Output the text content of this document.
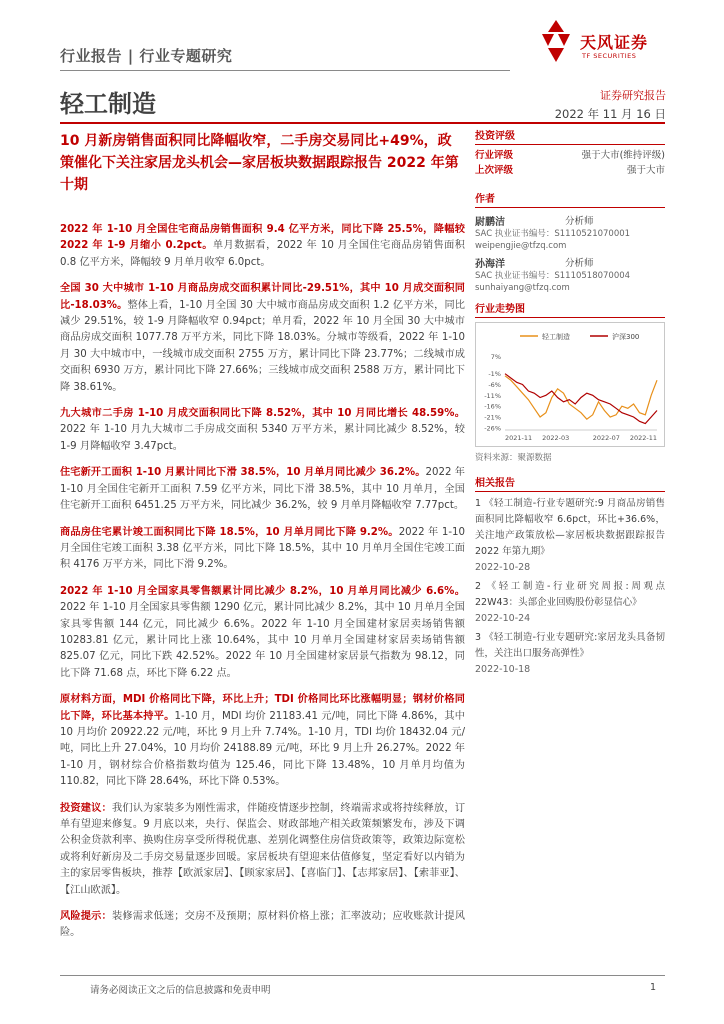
行业报告 | 行业专题研究
天风证券
TF SECURITIES
轻工制造	证券研究报告
2022 年 11 月 16 日
10 月新房销售面积同比降幅收窄，二手房交易同比+49%，政策催化下关注家居龙头机会—家居板块数据跟踪报告 2022 年第十期

2022 年 1-10 月全国住宅商品房销售面积 9.4 亿平方米，同比下降 25.5%，降幅较 2022 年 1-9 月缩小 0.2pct。单月数据看，2022 年 10 月全国住宅商品房销售面积 0.8 亿平方米，降幅较 9 月单月收窄 6.0pct。

全国 30 大中城市 1-10 月商品房成交面积累计同比-29.51%，其中 10 月成交面积同比-18.03%。整体上看，1-10 月全国 30 大中城市商品房成交面积 1.2 亿平方米，同比减少 29.51%，较 1-9 月降幅收窄 0.94pct；单月看，2022 年 10 月全国 30 大中城市商品房成交面积 1077.78 万平方米，同比下降 18.03%。分城市等级看，2022 年 1-10 月 30 大中城市中，一线城市成交面积 2755 万方，累计同比下降 23.77%；二线城市成交面积 6930 万方，累计同比下降 27.66%；三线城市成交面积 2588 万方，累计同比下降 38.61%。

九大城市二手房 1-10 月成交面积同比下降 8.52%，其中 10 月同比增长 48.59%。2022 年 1-10 月九大城市二手房成交面积 5340 万平方米，累计同比减少 8.52%，较 1-9 月降幅收窄 3.47pct。

住宅新开工面积 1-10 月累计同比下滑 38.5%，10 月单月同比减少 36.2%。2022 年 1-10 月全国住宅新开工面积 7.59 亿平方米，同比下滑 38.5%，其中 10 月单月，全国住宅新开工面积 6451.25 万平方米，同比减少 36.2%，较 9 月单月降幅收窄 7.77pct。

商品房住宅累计竣工面积同比下降 18.5%，10 月单月同比下降 9.2%。2022 年 1-10 月全国住宅竣工面积 3.38 亿平方米，同比下降 18.5%，其中 10 月单月全国住宅竣工面积 4176 万平方米，同比下滑 9.2%。

2022 年 1-10 月全国家具零售额累计同比减少 8.2%，10 月单月同比减少 6.6%。2022 年 1-10 月全国家具零售额 1290 亿元，累计同比减少 8.2%，其中 10 月单月全国家具零售额 144 亿元，同比减少 6.6%。2022 年 1-10 月全国建材家居卖场销售额 10283.81 亿元，累计同比上涨 10.64%，其中 10 月单月全国建材家居卖场销售额 825.07 亿元，同比下跌 42.52%。2022 年 10 月全国建材家居景气指数为 98.12，同比下降 71.68 点，环比下降 6.22 点。

原材料方面，MDI 价格同比下降，环比上升；TDI 价格同比环比涨幅明显；钢材价格同比下降，环比基本持平。1-10 月，MDI 均价 21183.41 元/吨，同比下降 4.86%，其中 10 月均价 20922.22 元/吨，环比 9 月上升 7.74%。1-10 月，TDI 均价 18432.04 元/吨，同比上升 27.04%，10 月均价 24188.89 元/吨，环比 9 月上升 26.27%。2022 年 1-10 月，钢材综合价格指数均值为 125.46，同比下降 13.48%，10 月单月均值为 110.82，同比下降 28.64%，环比下降 0.53%。

投资建议：我们认为家装多为刚性需求，伴随疫情逐步控制，终端需求或将持续释放，订单有望迎来修复。9 月底以来，央行、保监会、财政部地产相关政策频繁发布，涉及下调公积金贷款利率、换购住房享受所得税优惠、差别化调整住房信贷政策等，政策边际宽松或将利好新房及二手房交易量逐步回暖。家居板块有望迎来估值修复，坚定看好以内销为主的家居零售板块，推荐【欧派家居】、【顾家家居】、【喜临门】、【志邦家居】、【索菲亚】、【江山欧派】。

风险提示：装修需求低迷；交房不及预期；原材料价格上涨；汇率波动；应收账款计提风险。

投资评级
行业评级	强于大市(维持评级)
上次评级	强于大市
作者
尉鹏洁	分析师
SAC 执业证书编号：S1110521070001
weipengjie@tfzq.com
孙海洋	分析师
SAC 执业证书编号：S1110518070004
sunhaiyang@tfzq.com
行业走势图
轻工制造	沪深300
7%
-1%
-6%
-11%
-16%
-21%
-26%
2021-11 2022-03	2022-07 2022-11
资料来源：聚源数据
相关报告
1 《轻工制造-行业专题研究:9 月商品房销售面积同比降幅收窄 6.6pct，环比+36.6%，关注地产政策放松—家居板块数据跟踪报告 2022 年第九期》
2022-10-28
2 《轻工制造-行业研究周报:周观点 22W43：头部企业回购股份彰显信心》
2022-10-24
3 《轻工制造-行业专题研究:家居龙头具备韧性，关注出口服务高弹性》
2022-10-18
请务必阅读正文之后的信息披露和免责申明	1
